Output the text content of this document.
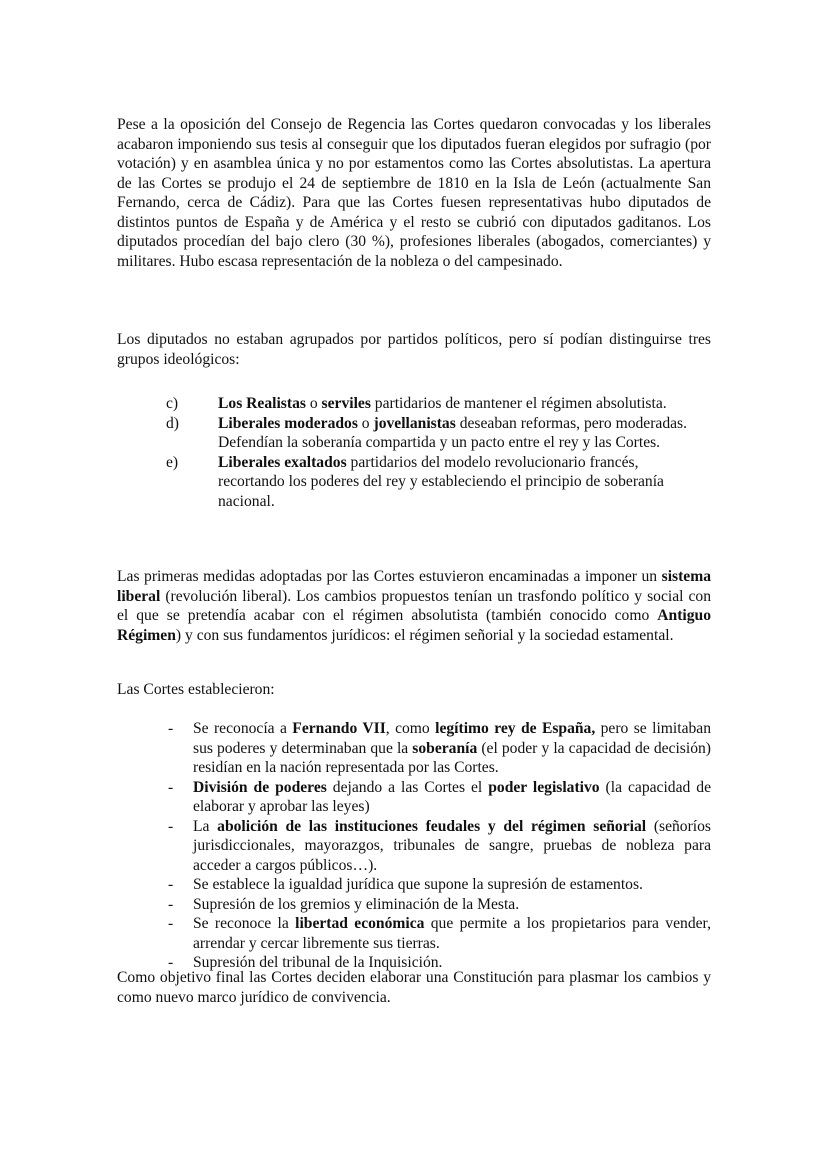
Pese a la oposición del Consejo de Regencia las Cortes quedaron convocadas y los liberales acabaron imponiendo sus tesis al conseguir que los diputados fueran elegidos por sufragio (por votación) y en asamblea única y no por estamentos como las Cortes absolutistas. La apertura de las Cortes se produjo el 24 de septiembre de 1810 en la Isla de León (actualmente San Fernando, cerca de Cádiz). Para que las Cortes fuesen representativas hubo diputados de distintos puntos de España y de América y el resto se cubrió con diputados gaditanos. Los diputados procedían del bajo clero (30 %), profesiones liberales (abogados, comerciantes) y militares. Hubo escasa representación de la nobleza o del campesinado.

Los diputados no estaban agrupados por partidos políticos, pero sí podían distinguirse tres grupos ideológicos:

c)	Los Realistas o serviles partidarios de mantener el régimen absolutista.
d)	Liberales moderados o jovellanistas deseaban reformas, pero moderadas. Defendían la soberanía compartida y un pacto entre el rey y las Cortes.
e)	Liberales exaltados partidarios del modelo revolucionario francés, recortando los poderes del rey y estableciendo el principio de soberanía nacional.

Las primeras medidas adoptadas por las Cortes estuvieron encaminadas a imponer un sistema liberal (revolución liberal). Los cambios propuestos tenían un trasfondo político y social con el que se pretendía acabar con el régimen absolutista (también conocido como Antiguo Régimen) y con sus fundamentos jurídicos: el régimen señorial y la sociedad estamental.

Las Cortes establecieron:

- Se reconocía a Fernando VII, como legítimo rey de España, pero se limitaban sus poderes y determinaban que la soberanía (el poder y la capacidad de decisión) residían en la nación representada por las Cortes.
- División de poderes dejando a las Cortes el poder legislativo (la capacidad de elaborar y aprobar las leyes)
- La abolición de las instituciones feudales y del régimen señorial (señoríos jurisdiccionales, mayorazgos, tribunales de sangre, pruebas de nobleza para acceder a cargos públicos…).
- Se establece la igualdad jurídica que supone la supresión de estamentos.
- Supresión de los gremios y eliminación de la Mesta.
- Se reconoce la libertad económica que permite a los propietarios para vender, arrendar y cercar libremente sus tierras.
- Supresión del tribunal de la Inquisición.

Como objetivo final las Cortes deciden elaborar una Constitución para plasmar los cambios y como nuevo marco jurídico de convivencia.
